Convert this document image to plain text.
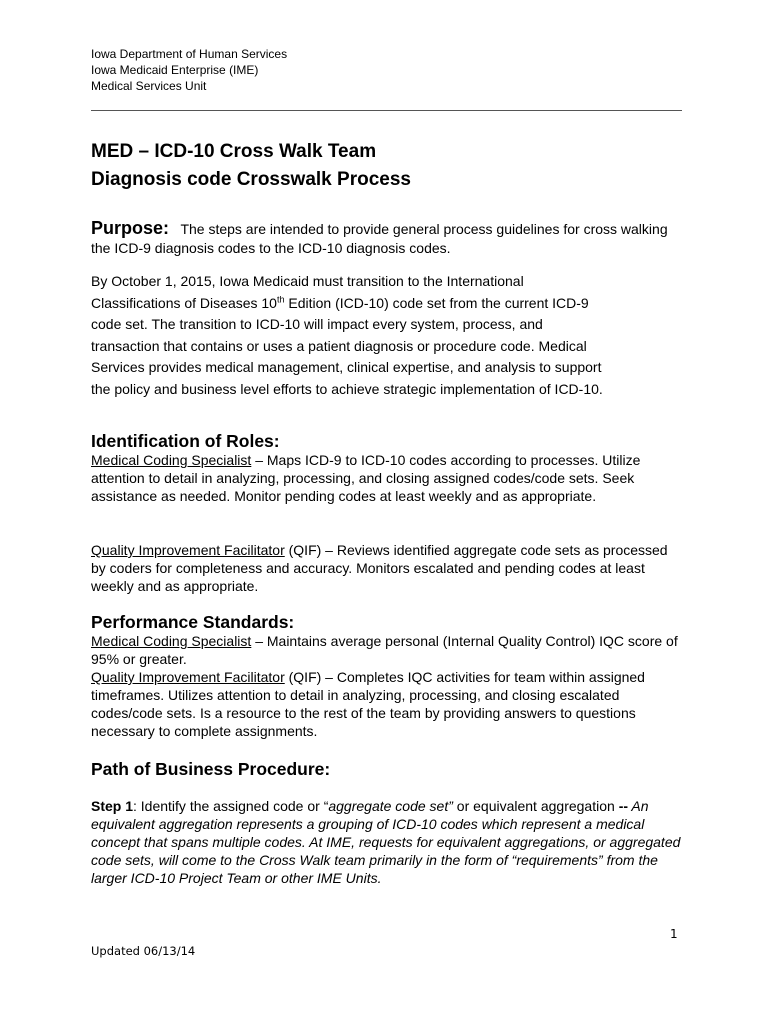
Iowa Department of Human Services
Iowa Medicaid Enterprise (IME)
Medical Services Unit
MED – ICD-10 Cross Walk Team
Diagnosis code Crosswalk Process
Purpose: The steps are intended to provide general process guidelines for cross walking the ICD-9 diagnosis codes to the ICD-10 diagnosis codes.
By October 1, 2015, Iowa Medicaid must transition to the International Classifications of Diseases 10th Edition (ICD-10) code set from the current ICD-9 code set. The transition to ICD-10 will impact every system, process, and transaction that contains or uses a patient diagnosis or procedure code. Medical Services provides medical management, clinical expertise, and analysis to support the policy and business level efforts to achieve strategic implementation of ICD-10.
Identification of Roles:
Medical Coding Specialist – Maps ICD-9 to ICD-10 codes according to processes. Utilize attention to detail in analyzing, processing, and closing assigned codes/code sets. Seek assistance as needed. Monitor pending codes at least weekly and as appropriate.
Quality Improvement Facilitator (QIF) – Reviews identified aggregate code sets as processed by coders for completeness and accuracy. Monitors escalated and pending codes at least weekly and as appropriate.
Performance Standards:
Medical Coding Specialist – Maintains average personal (Internal Quality Control) IQC score of 95% or greater.
Quality Improvement Facilitator (QIF) – Completes IQC activities for team within assigned timeframes. Utilizes attention to detail in analyzing, processing, and closing escalated codes/code sets. Is a resource to the rest of the team by providing answers to questions necessary to complete assignments.
Path of Business Procedure:
Step 1: Identify the assigned code or “aggregate code set” or equivalent aggregation -- An equivalent aggregation represents a grouping of ICD-10 codes which represent a medical concept that spans multiple codes. At IME, requests for equivalent aggregations, or aggregated code sets, will come to the Cross Walk team primarily in the form of “requirements” from the larger ICD-10 Project Team or other IME Units.
1
Updated 06/13/14
